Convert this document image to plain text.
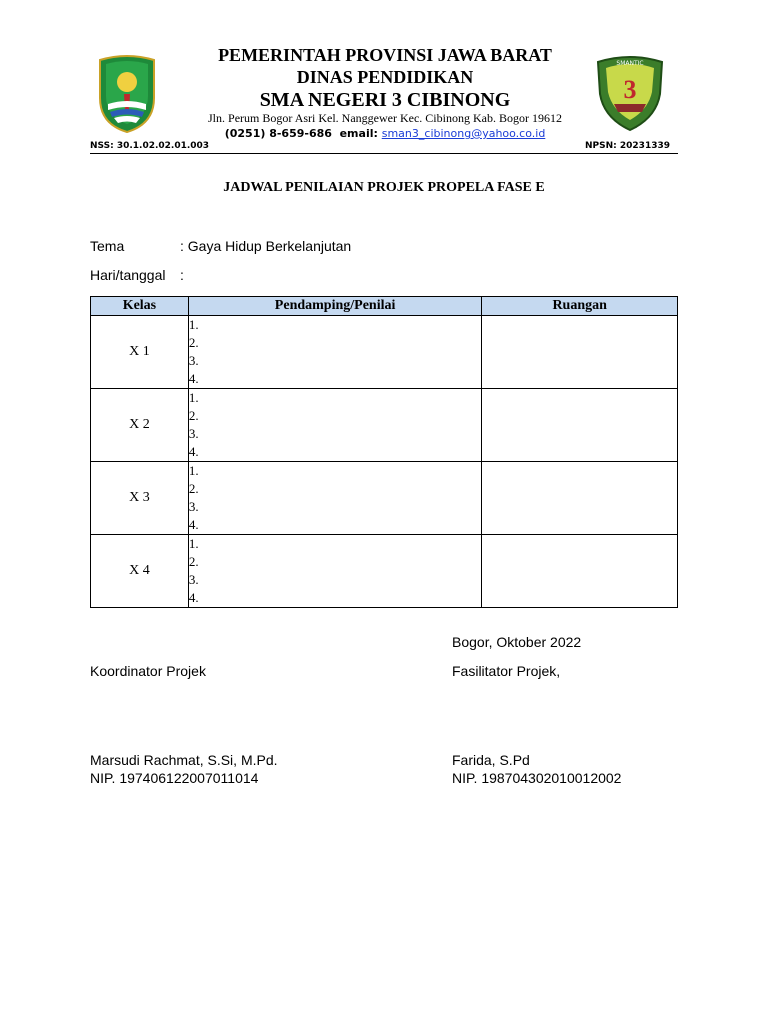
3
SMANTIC
PEMERINTAH PROVINSI JAWA BARAT
DINAS PENDIDIKAN
SMA NEGERI 3 CIBINONG
Jln. Perum Bogor Asri Kel. Nanggewer Kec. Cibinong Kab. Bogor 19612
(0251) 8-659-686 email: sman3_cibinong@yahoo.co.id
NSS: 30.1.02.02.01.003	NPSN: 20231339
JADWAL PENILAIAN PROJEK PROPELA FASE E
Tema	: Gaya Hidup Berkelanjutan
Hari/tanggal :
Kelas	Pendamping/Penilai	Ruangan
X 1	1.
2.
3.
4.	

X 2	1.
2.
3.
4.	

X 3	1.
2.
3.
4.	

X 4	1.
2.
3.
4.	

Bogor, Oktober 2022
Koordinator Projek	Fasilitator Projek,
Marsudi Rachmat, S.Si, M.Pd.
NIP. 197406122007011014
Farida, S.Pd
NIP. 198704302010012002
